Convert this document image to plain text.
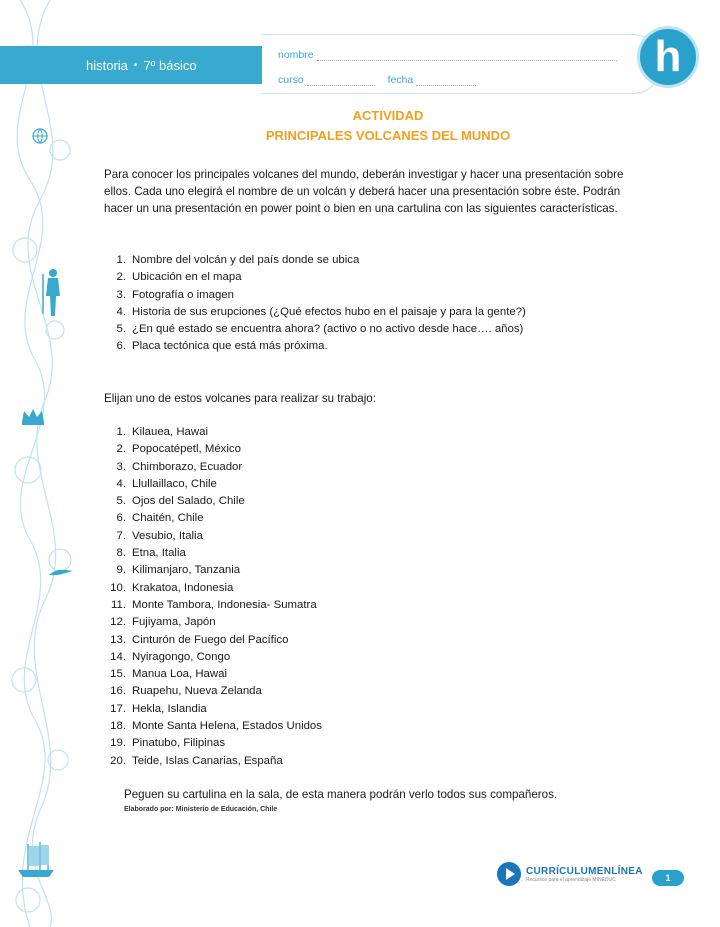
historia • 7º básico
nombre
curso	fecha	h
ACTIVIDAD
PRINCIPALES VOLCANES DEL MUNDO
Para conocer los principales volcanes del mundo, deberán investigar y hacer una presentación sobre ellos. Cada uno elegirá el nombre de un volcán y deberá hacer una presentación sobre éste. Podrán hacer un una presentación en power point o bien en una cartulina con las siguientes características.
1. Nombre del volcán y del país donde se ubica
2. Ubicación en el mapa
3. Fotografía o imagen
4. Historia de sus erupciones (¿Qué efectos hubo en el paisaje y para la gente?)
5. ¿En qué estado se encuentra ahora? (activo o no activo desde hace…. años)
6. Placa tectónica que está más próxima.
Elijan uno de estos volcanes para realizar su trabajo:
1. Kilauea, Hawai
2. Popocatépetl, México
3. Chimborazo, Ecuador
4. Llullaillaco, Chile
5. Ojos del Salado, Chile
6. Chaitén, Chile
7. Vesubio, Italia
8. Etna, Italia
9. Kilimanjaro, Tanzania
10. Krakatoa, Indonesia
11. Monte Tambora, Indonesia- Sumatra
12. Fujiyama, Japón
13. Cinturón de Fuego del Pacífico
14. Nyiragongo, Congo
15. Manua Loa, Hawai
16. Ruapehu, Nueva Zelanda
17. Hekla, Islandia
18. Monte Santa Helena, Estados Unidos
19. Pinatubo, Filipinas
20. Teide, Islas Canarias, España
Peguen su cartulina en la sala, de esta manera podrán verlo todos sus compañeros.
Elaborado por: Ministerio de Educación, Chile
CURRÍCULUMENLÍNEA
Recursos para el aprendizaje MINEDUC	1
